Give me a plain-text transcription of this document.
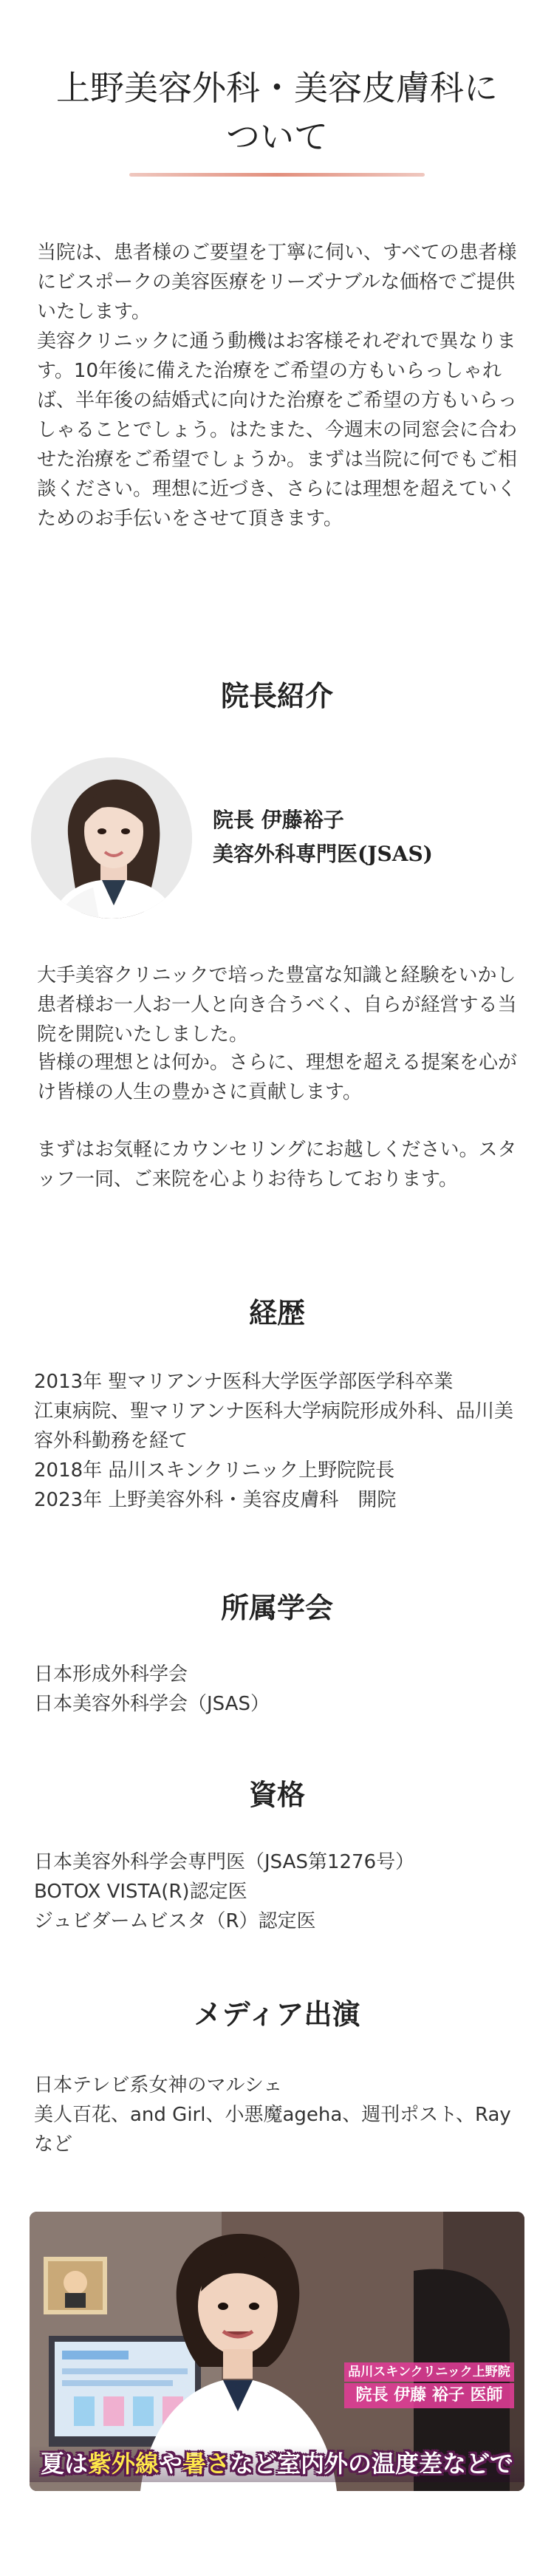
上野美容外科・美容皮膚科に
ついて

当院は、患者様のご要望を丁寧に伺い、すべての患者様にビスポークの美容医療をリーズナブルな価格でご提供いたします。

美容クリニックに通う動機はお客様それぞれで異なります。10年後に備えた治療をご希望の方もいらっしゃれば、半年後の結婚式に向けた治療をご希望の方もいらっしゃることでしょう。はたまた、今週末の同窓会に合わせた治療をご希望でしょうか。まずは当院に何でもご相談ください。理想に近づき、さらには理想を超えていくためのお手伝いをさせて頂きます。

院長紹介
院長 伊藤裕子
美容外科専門医(JSAS)

大手美容クリニックで培った豊富な知識と経験をいかし患者様お一人お一人と向き合うべく、自らが経営する当院を開院いたしました。

皆様の理想とは何か。さらに、理想を超える提案を心がけ皆様の人生の豊かさに貢献します。

まずはお気軽にカウンセリングにお越しください。スタッフ一同、ご来院を心よりお待ちしております。

経歴
2013年 聖マリアンナ医科大学医学部医学科卒業
江東病院、聖マリアンナ医科大学病院形成外科、品川美容外科勤務を経て
2018年 品川スキンクリニック上野院院長
2023年 上野美容外科・美容皮膚科　開院
所属学会
日本形成外科学会
日本美容外科学会（JSAS）
資格
日本美容外科学会専門医（JSAS第1276号）
BOTOX VISTA(R)認定医
ジュビダームビスタ（R）認定医
メディア出演
日本テレビ系女神のマルシェ
美人百花、and Girl、小悪魔ageha、週刊ポスト、Rayなど
品川スキンクリニック上野院
院長 伊藤 裕子 医師
夏は紫外線や暑さなど室内外の温度差などで
